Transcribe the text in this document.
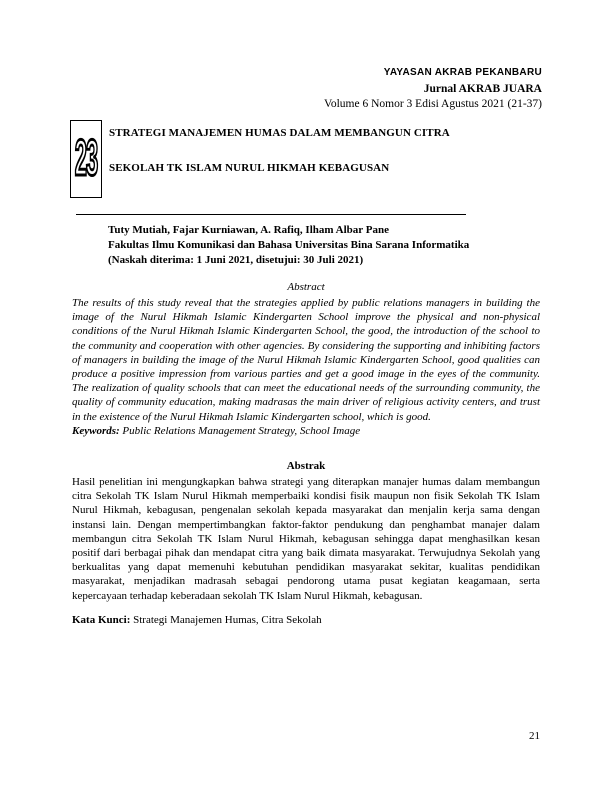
YAYASAN AKRAB PEKANBARU
Jurnal AKRAB JUARA
Volume 6 Nomor 3 Edisi Agustus 2021 (21-37)
23 STRATEGI MANAJEMEN HUMAS DALAM MEMBANGUN CITRA
SEKOLAH TK ISLAM NURUL HIKMAH KEBAGUSAN
Tuty Mutiah, Fajar Kurniawan, A. Rafiq, Ilham Albar Pane
Fakultas Ilmu Komunikasi dan Bahasa Universitas Bina Sarana Informatika
(Naskah diterima: 1 Juni 2021, disetujui: 30 Juli 2021)
Abstract

The results of this study reveal that the strategies applied by public relations managers in building the image of the Nurul Hikmah Islamic Kindergarten School improve the physical and non-physical conditions of the Nurul Hikmah Islamic Kindergarten School, the good, the introduction of the school to the community and cooperation with other agencies. By considering the supporting and inhibiting factors of managers in building the image of the Nurul Hikmah Islamic Kindergarten School, good qualities can produce a positive impression from various parties and get a good image in the eyes of the community. The realization of quality schools that can meet the educational needs of the surrounding community, the quality of community education, making madrasas the main driver of religious activity centers, and trust in the existence of the Nurul Hikmah Islamic Kindergarten school, which is good.

Keywords: Public Relations Management Strategy, School Image
Abstrak

Hasil penelitian ini mengungkapkan bahwa strategi yang diterapkan manajer humas dalam membangun citra Sekolah TK Islam Nurul Hikmah memperbaiki kondisi fisik maupun non fisik Sekolah TK Islam Nurul Hikmah, kebagusan, pengenalan sekolah kepada masyarakat dan menjalin kerja sama dengan instansi lain. Dengan mempertimbangkan faktor-faktor pendukung dan penghambat manajer dalam membangun citra Sekolah TK Islam Nurul Hikmah, kebagusan sehingga dapat menghasilkan kesan positif dari berbagai pihak dan mendapat citra yang baik dimata masyarakat. Terwujudnya Sekolah yang berkualitas yang dapat memenuhi kebutuhan pendidikan masyarakat sekitar, kualitas pendidikan masyarakat, menjadikan madrasah sebagai pendorong utama pusat kegiatan keagamaan, serta kepercayaan terhadap keberadaan sekolah TK Islam Nurul Hikmah, kebagusan.

Kata Kunci: Strategi Manajemen Humas, Citra Sekolah
21
